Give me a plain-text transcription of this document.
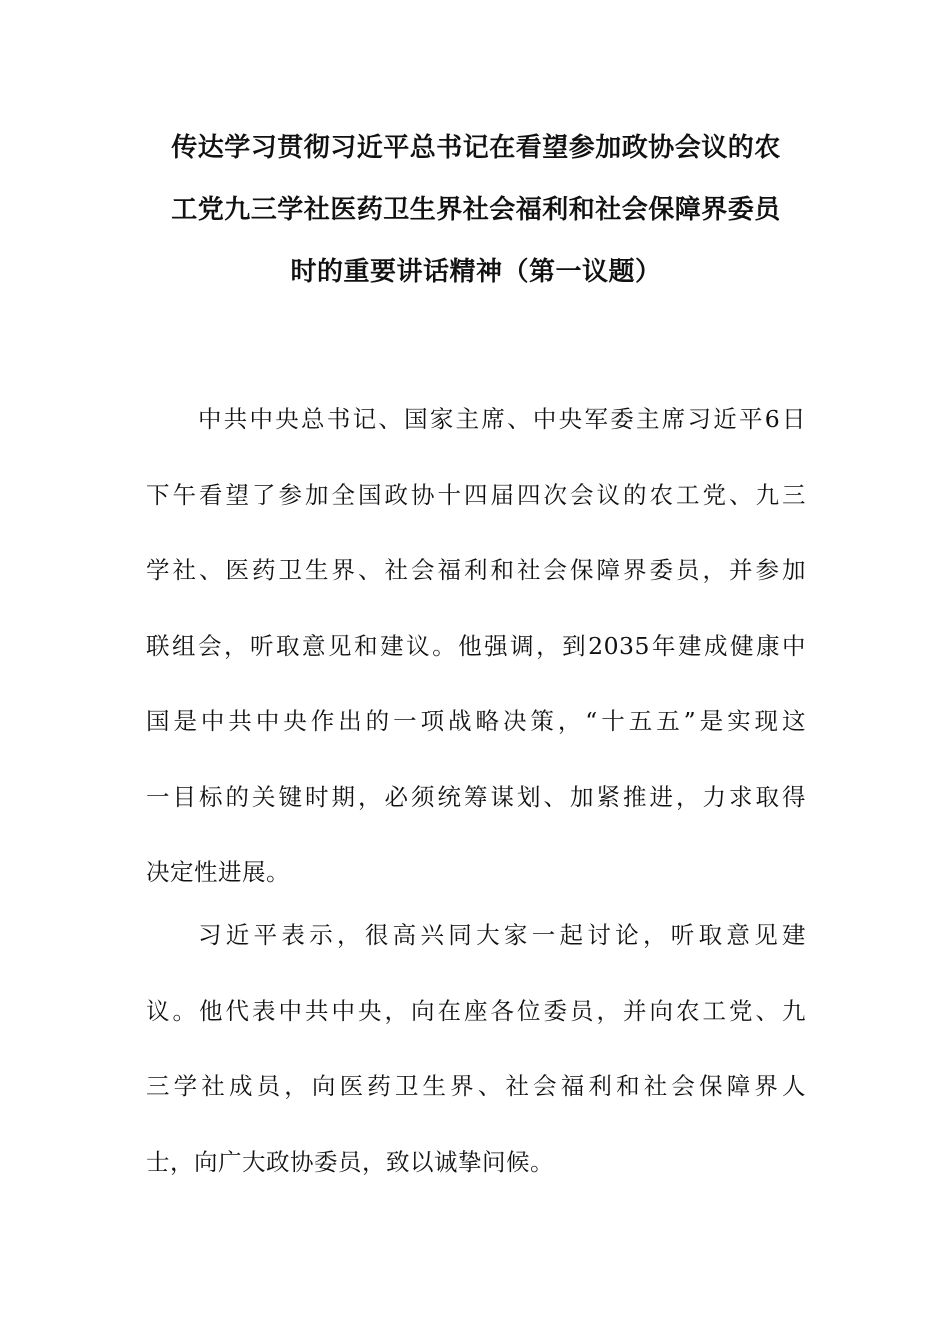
传达学习贯彻习近平总书记在看望参加政协会议的农
工党九三学社医药卫生界社会福利和社会保障界委员
时的重要讲话精神（第一议题）
中共中央总书记、国家主席、中央军委主席习近平6日
下午看望了参加全国政协十四届四次会议的农工党、九三
学社、医药卫生界、社会福利和社会保障界委员，并参加
联组会，听取意见和建议。他强调，到2035年建成健康中
国是中共中央作出的一项战略决策，“十五五”是实现这
一目标的关键时期，必须统筹谋划、加紧推进，力求取得
决定性进展。
习近平表示，很高兴同大家一起讨论，听取意见建
议。他代表中共中央，向在座各位委员，并向农工党、九
三学社成员，向医药卫生界、社会福利和社会保障界人
士，向广大政协委员，致以诚挚问候。
